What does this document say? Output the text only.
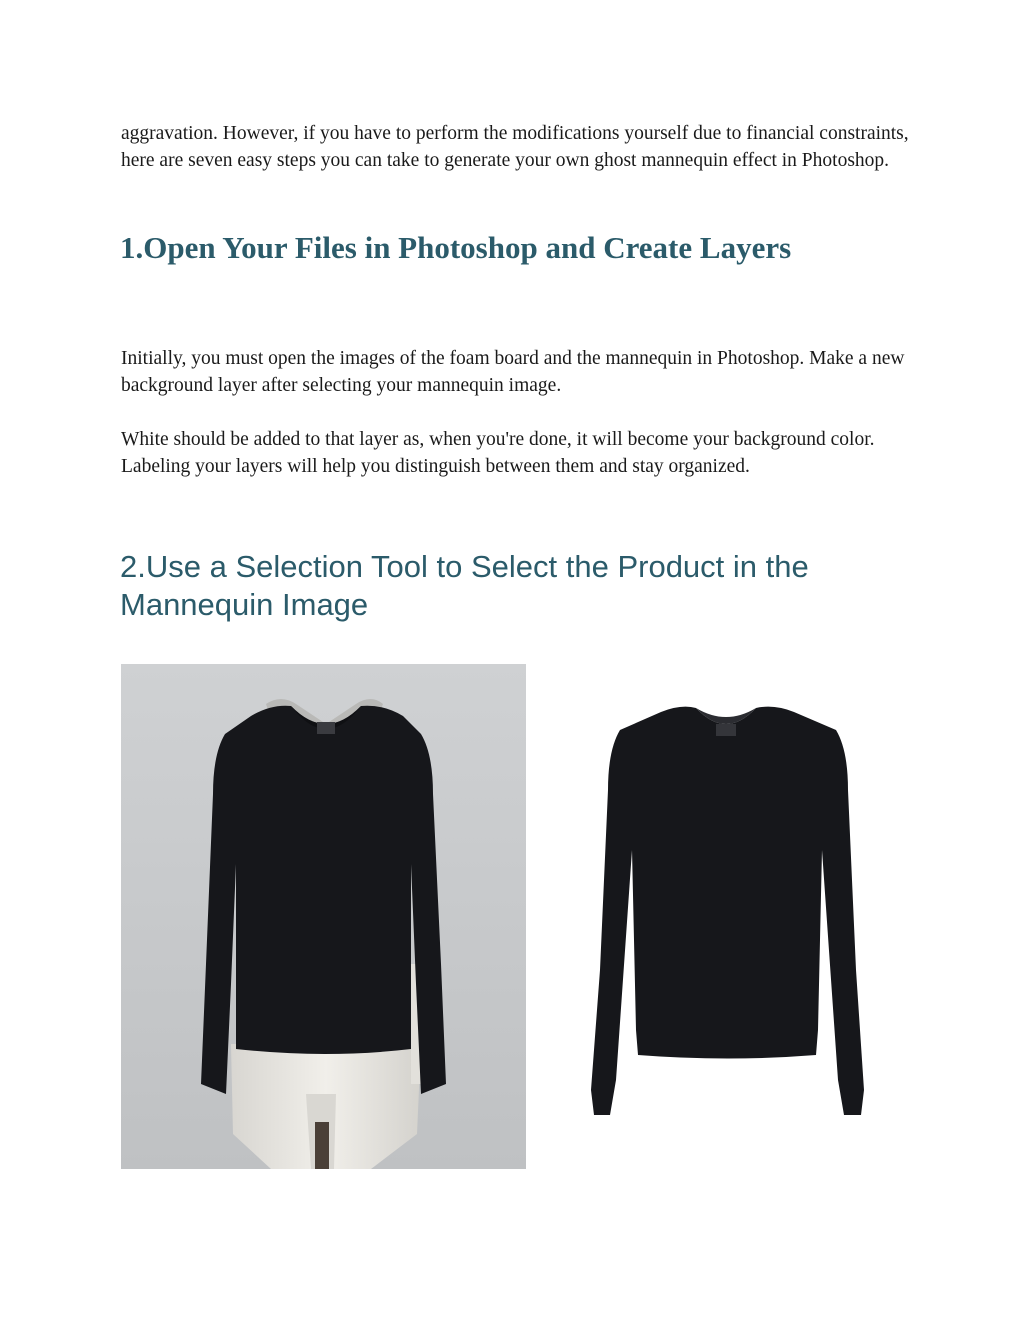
aggravation. However, if you have to perform the modifications yourself due to financial constraints, here are seven easy steps you can take to generate your own ghost mannequin effect in Photoshop.

1.Open Your Files in Photoshop and Create Layers

Initially, you must open the images of the foam board and the mannequin in Photoshop. Make a new background layer after selecting your mannequin image.

White should be added to that layer as, when you're done, it will become your background color. Labeling your layers will help you distinguish between them and stay organized.

2.Use a Selection Tool to Select the Product in the Mannequin Image
